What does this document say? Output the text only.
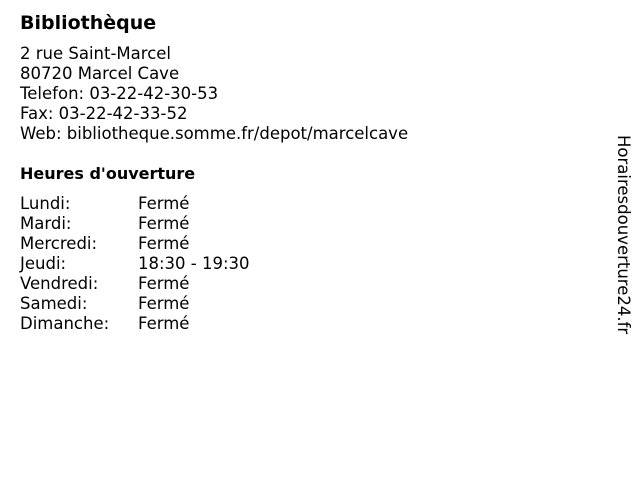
Bibliothèque
2 rue Saint-Marcel
80720 Marcel Cave
Telefon: 03-22-42-30-53
Fax: 03-22-42-33-52
Web: bibliotheque.somme.fr/depot/marcelcave
Heures d'ouverture
Lundi:	Fermé
Mardi:	Fermé
Mercredi: Fermé
Jeudi:	18:30 - 19:30
Vendredi: Fermé
Samedi:	Fermé
Dimanche: Fermé	Horairesdouverture24.fr
